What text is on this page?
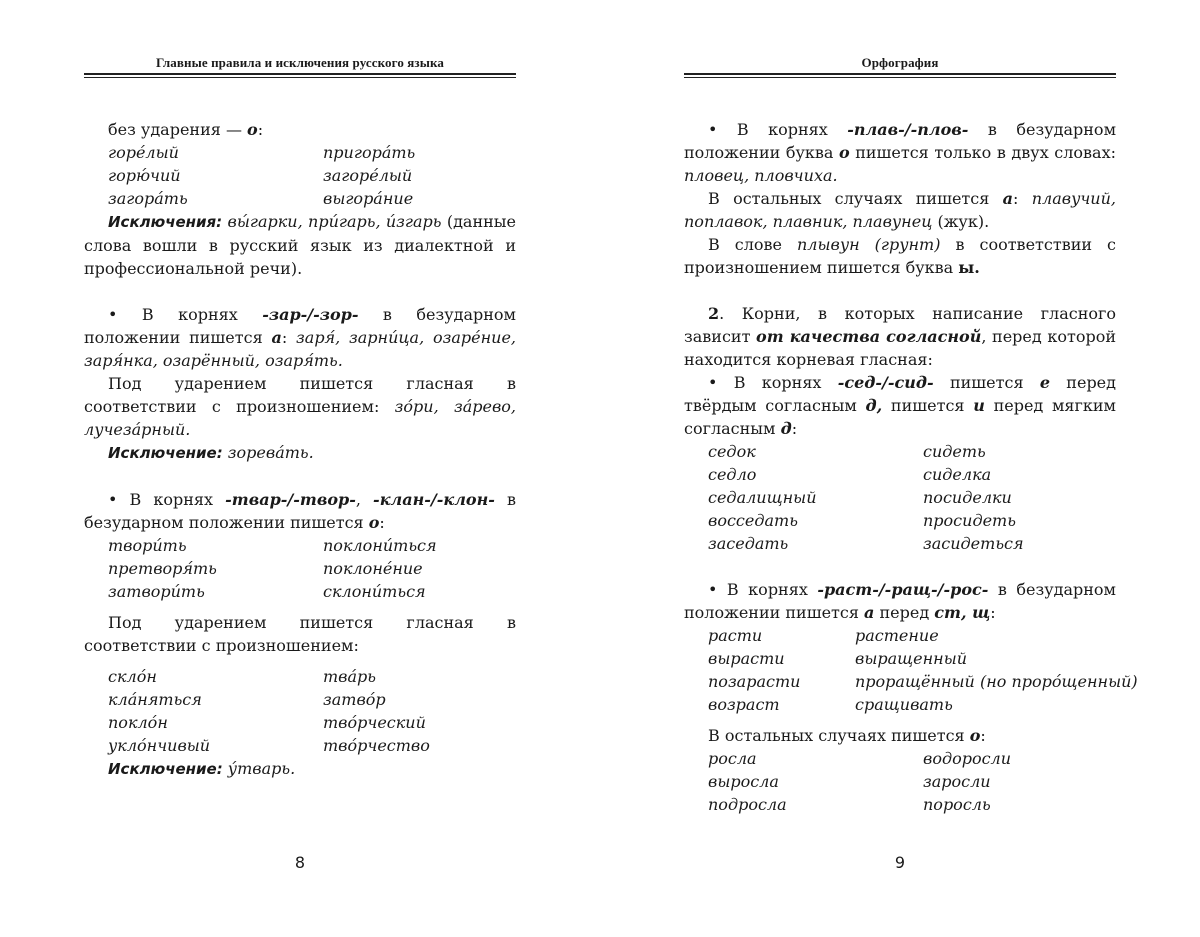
Главные правила и исключения русского языка

без ударения — о:

горе́лый	пригора́ть
горю́чий	загоре́лый
загора́ть	выгора́ние

Исключения: вы́гарки, при́гарь, и́згарь (данные слова вошли в русский язык из диалектной и профессиональной речи).

• В корнях -зар-/-зор- в безударном положении пишется а: заря́, зарни́ца, озаре́ние, заря́нка, озарённый, озаря́ть.

Под ударением пишется гласная в соответствии с произношением: зо́ри, за́рево, лучеза́рный.

Исключение: зорева́ть.

• В корнях -твар-/-твор-, -клан-/-клон- в безударном положении пишется о:

твори́ть	поклони́ться
претворя́ть	поклоне́ние
затвори́ть	склони́ться

Под ударением пишется гласная в соответствии с произношением:

скло́н	тва́рь
кла́няться	затво́р
покло́н	тво́рческий
укло́нчивый	тво́рчество

Исключение: у́тварь.

8
Орфография

• В корнях -плав-/-плов- в безударном положении буква о пишется только в двух словах: пловец, пловчиха.

В остальных случаях пишется а: плавучий, поплавок, плавник, плавунец (жук).

В слове плывун (грунт) в соответствии с произношением пишется буква ы.

2. Корни, в которых написание гласного зависит от качества согласной, перед которой находится корневая гласная:

• В корнях -сед-/-сид- пишется е перед твёрдым согласным д, пишется и перед мягким согласным д:

седок	сидеть
седло	сиделка
седалищный	посиделки
восседать	просидеть
заседать	засидеться

• В корнях -раст-/-ращ-/-рос- в безударном положении пишется а перед ст, щ:

расти	растение
вырасти	выращенный
позарасти	проращённый (но проро́щенный)
возраст	сращивать

В остальных случаях пишется о:

росла	водоросли
выросла	заросли
подросла	поросль
9
